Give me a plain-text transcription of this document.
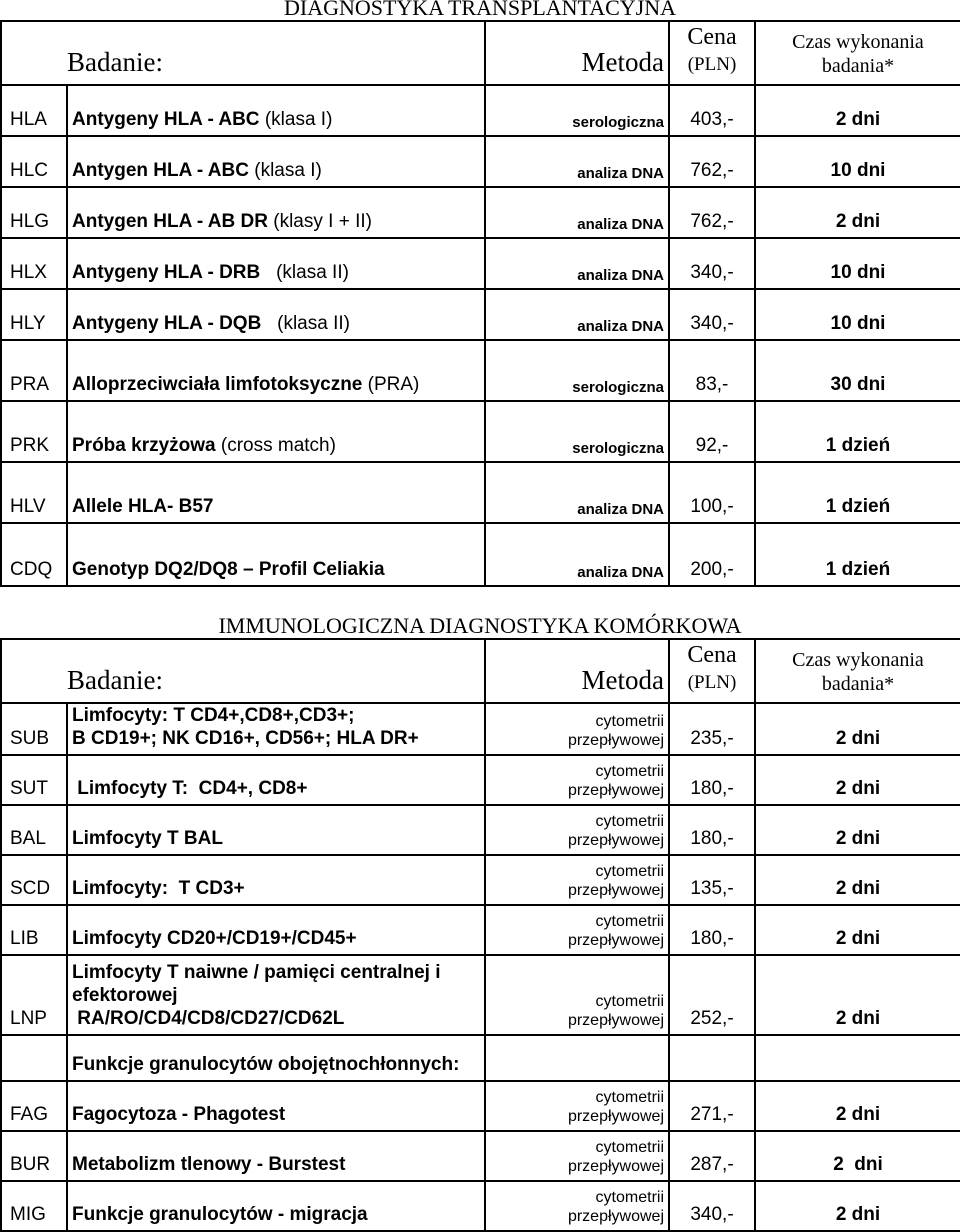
DIAGNOSTYKA TRANSPLANTACYJNA
Badanie:		Metoda	Cena
(PLN)	Czas wykonania
badania*
HLA	Antygeny HLA - ABC (klasa I)	serologiczna	403,-	2 dni
HLC	Antygen HLA - ABC (klasa I)	analiza DNA	762,-	10 dni
HLG	Antygen HLA - AB DR (klasy I + II)	analiza DNA	762,-	2 dni
HLX	Antygeny HLA - DRB   (klasa II)	analiza DNA	340,-	10 dni
HLY	Antygeny HLA - DQB   (klasa II)	analiza DNA	340,-	10 dni
PRA	Alloprzeciwciała limfotoksyczne (PRA)	serologiczna	83,-	30 dni
PRK	Próba krzyżowa (cross match)	serologiczna	92,-	1 dzień
HLV	Allele HLA- B57	analiza DNA	100,-	1 dzień
CDQ	Genotyp DQ2/DQ8 – Profil Celiakia	analiza DNA	200,-	1 dzień
IMMUNOLOGICZNA DIAGNOSTYKA KOMÓRKOWA
Badanie:		Metoda	Cena
(PLN)	Czas wykonania
badania*
SUB	Limfocyty: T CD4+,CD8+,CD3+;
B CD19+; NK CD16+, CD56+; HLA DR+	cytometrii
przepływowej	235,-	2 dni
SUT	Limfocyty T:  CD4+, CD8+	cytometrii
przepływowej	180,-	2 dni
BAL	Limfocyty T BAL	cytometrii
przepływowej	180,-	2 dni
SCD	Limfocyty:  T CD3+	cytometrii
przepływowej	135,-	2 dni
LIB	Limfocyty CD20+/CD19+/CD45+	cytometrii
przepływowej	180,-	2 dni
LNP	Limfocyty T naiwne / pamięci centralnej i
efektorowej
RA/RO/CD4/CD8/CD27/CD62L	cytometrii
przepływowej	252,-	2 dni
	Funkcje granulocytów obojętnochłonnych:			
FAG	Fagocytoza - Phagotest	cytometrii
przepływowej	271,-	2 dni
BUR	Metabolizm tlenowy - Burstest	cytometrii
przepływowej	287,-	2  dni
MIG	Funkcje granulocytów - migracja	cytometrii
przepływowej	340,-	2 dni
